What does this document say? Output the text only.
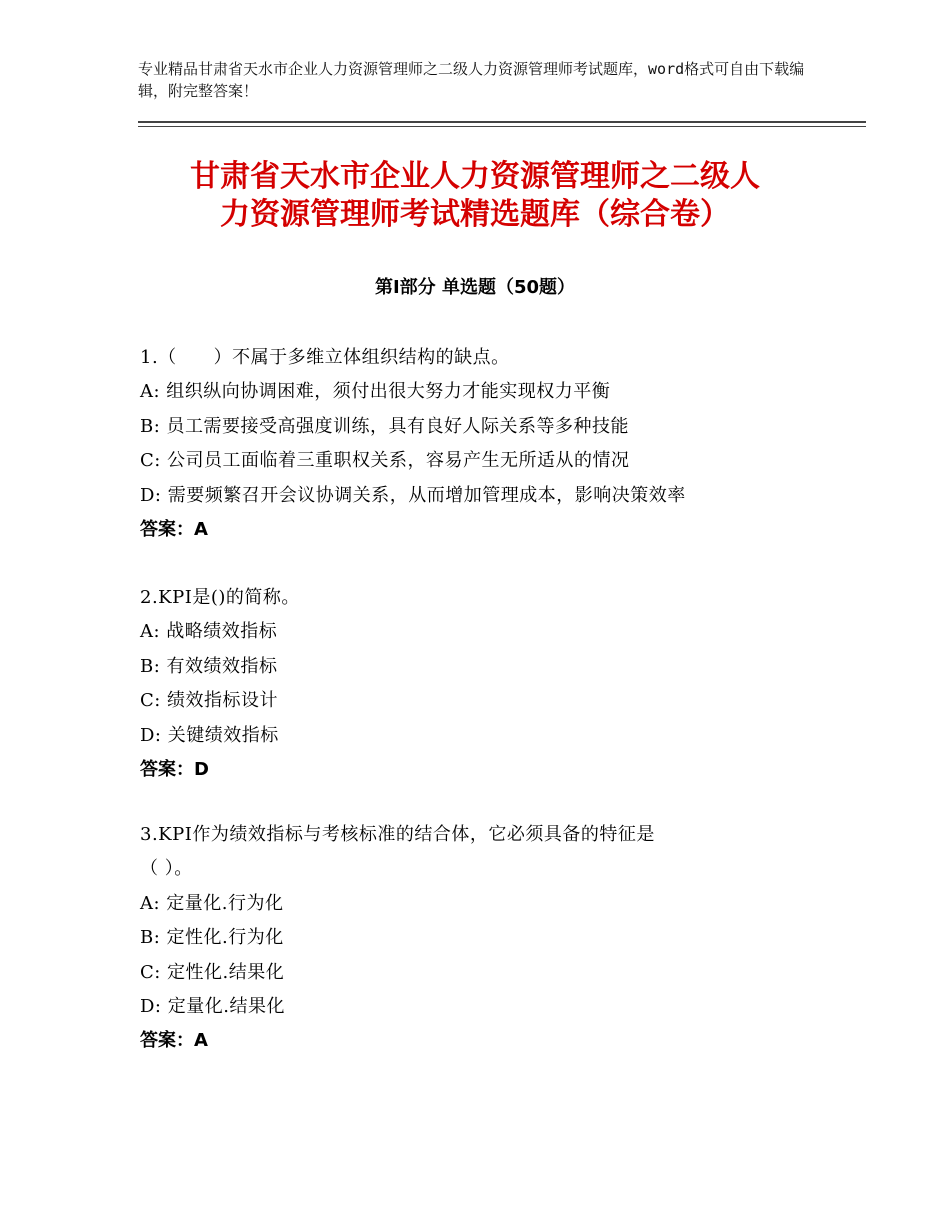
专业精品甘肃省天水市企业人力资源管理师之二级人力资源管理师考试题库，word格式可自由下载编辑，附完整答案！
甘肃省天水市企业人力资源管理师之二级人
力资源管理师考试精选题库（综合卷）
第Ⅰ部分 单选题（50题）
1.（　　）不属于多维立体组织结构的缺点。
A: 组织纵向协调困难，须付出很大努力才能实现权力平衡
B: 员工需要接受高强度训练，具有良好人际关系等多种技能
C: 公司员工面临着三重职权关系，容易产生无所适从的情况
D: 需要频繁召开会议协调关系，从而增加管理成本，影响决策效率
答案：A
2.KPI是()的简称。
A: 战略绩效指标
B: 有效绩效指标
C: 绩效指标设计
D: 关键绩效指标
答案：D
3.KPI作为绩效指标与考核标准的结合体，它必须具备的特征是
（ ）。
A: 定量化.行为化
B: 定性化.行为化
C: 定性化.结果化
D: 定量化.结果化
答案：A
